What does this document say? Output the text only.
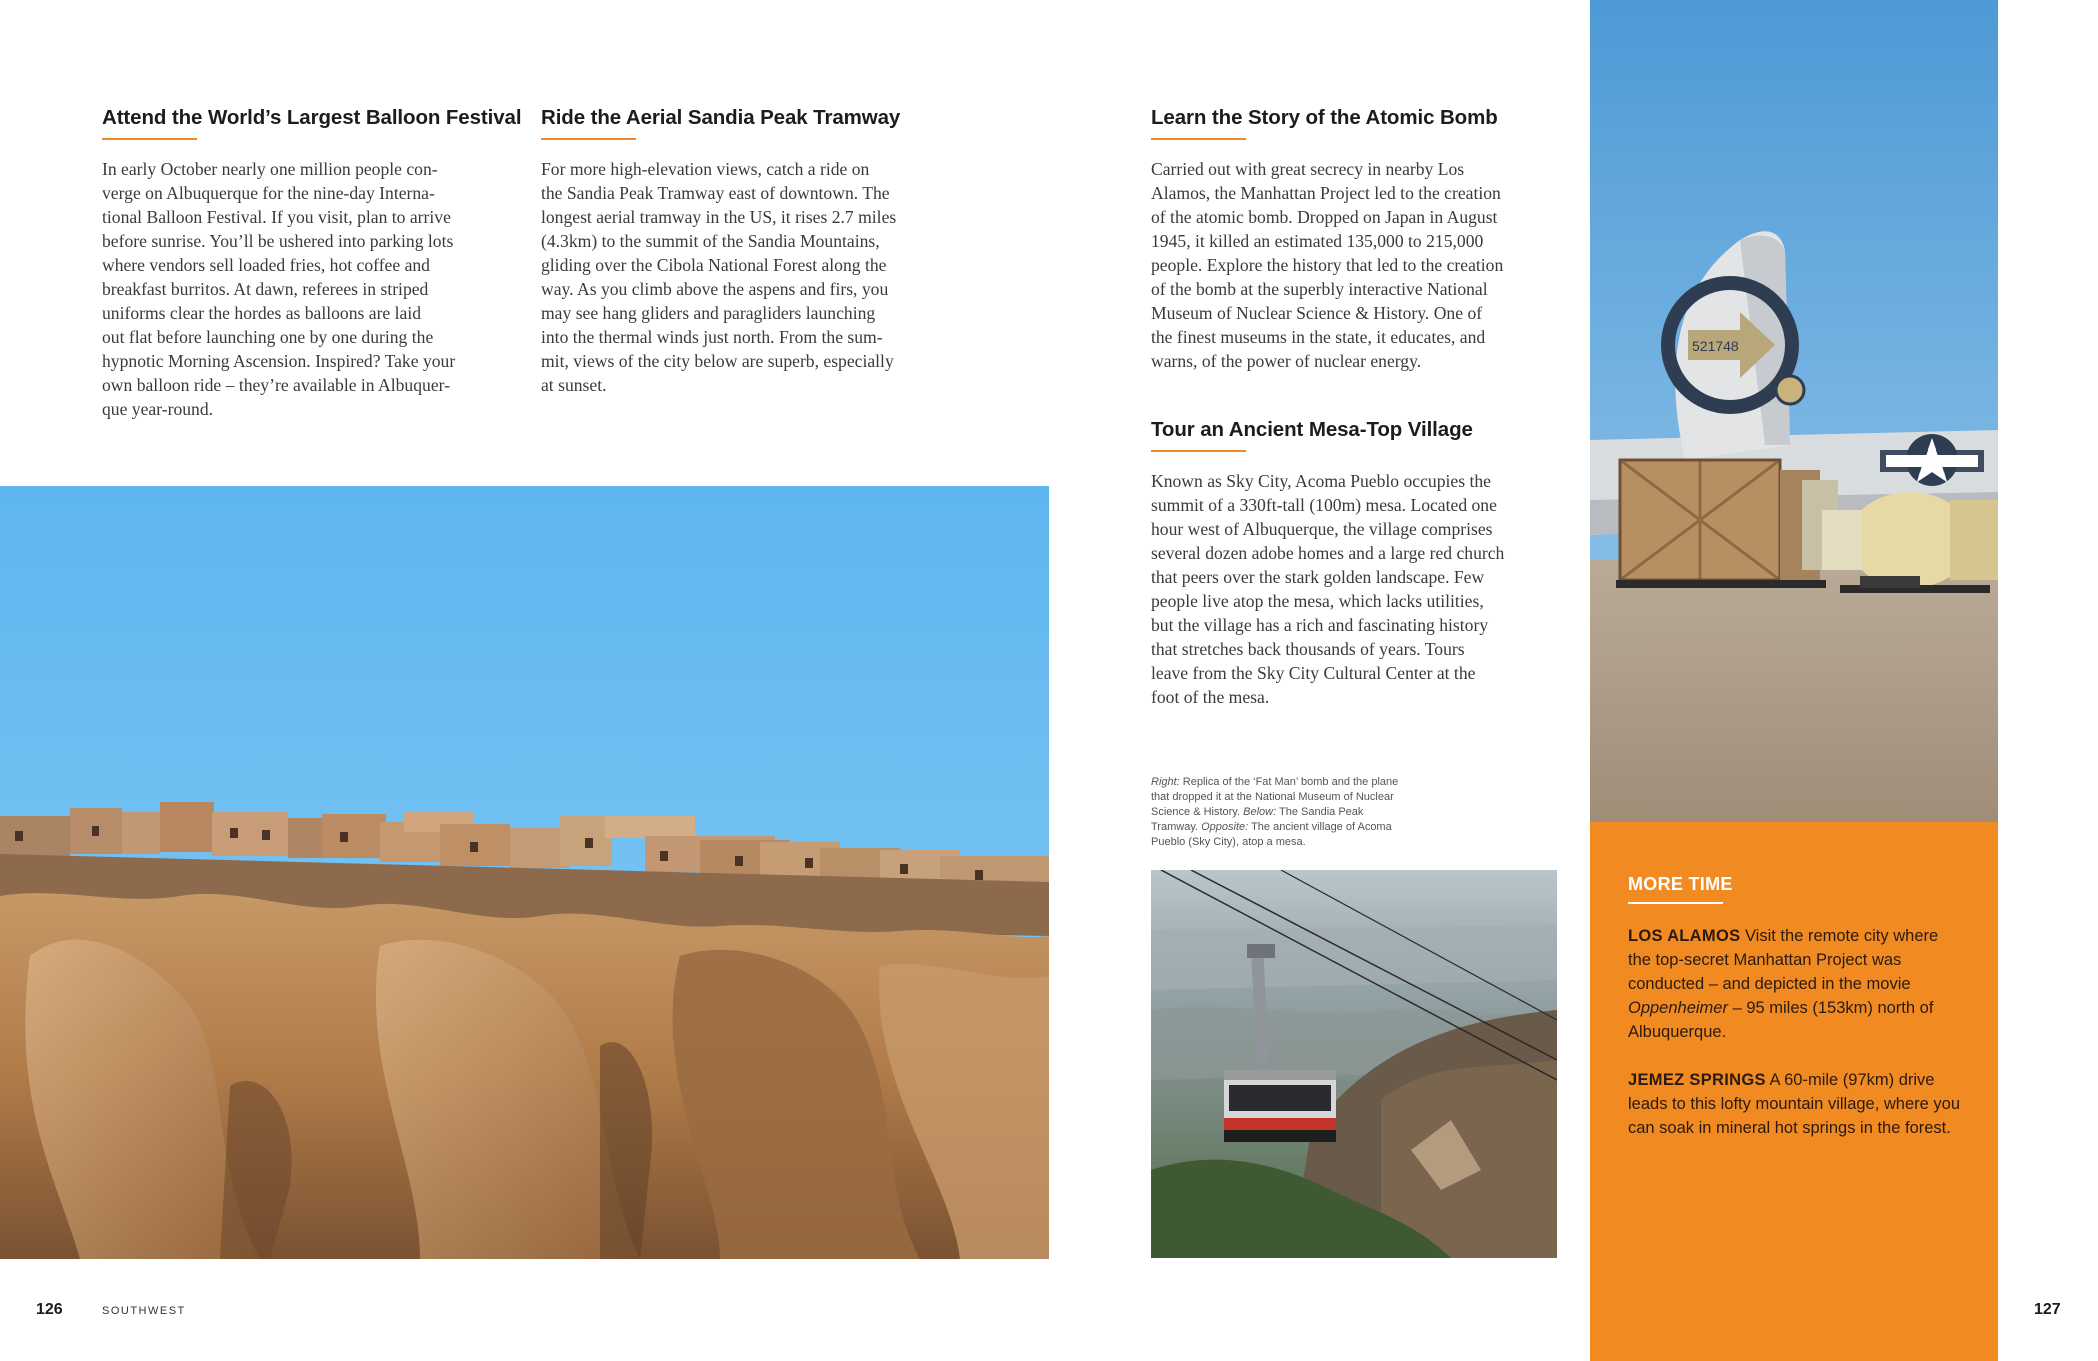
Attend the World’s Largest Balloon Festival
In early October nearly one million people con-
verge on Albuquerque for the nine-day Interna-
tional Balloon Festival. If you visit, plan to arrive
before sunrise. You’ll be ushered into parking lots
where vendors sell loaded fries, hot coffee and
breakfast burritos. At dawn, referees in striped
uniforms clear the hordes as balloons are laid
out flat before launching one by one during the
hypnotic Morning Ascension. Inspired? Take your
own balloon ride – they’re available in Albuquer-
que year-round.
Ride the Aerial Sandia Peak Tramway
For more high-elevation views, catch a ride on
the Sandia Peak Tramway east of downtown. The
longest aerial tramway in the US, it rises 2.7 miles
(4.3km) to the summit of the Sandia Mountains,
gliding over the Cibola National Forest along the
way. As you climb above the aspens and firs, you
may see hang gliders and paragliders launching
into the thermal winds just north. From the sum-
mit, views of the city below are superb, especially
at sunset.
Learn the Story of the Atomic Bomb
Carried out with great secrecy in nearby Los
Alamos, the Manhattan Project led to the creation
of the atomic bomb. Dropped on Japan in August
1945, it killed an estimated 135,000 to 215,000
people. Explore the history that led to the creation
of the bomb at the superbly interactive National
Museum of Nuclear Science & History. One of
the finest museums in the state, it educates, and
warns, of the power of nuclear energy.
Tour an Ancient Mesa-Top Village
Known as Sky City, Acoma Pueblo occupies the
summit of a 330ft-tall (100m) mesa. Located one
hour west of Albuquerque, the village comprises
several dozen adobe homes and a large red church
that peers over the stark golden landscape. Few
people live atop the mesa, which lacks utilities,
but the village has a rich and fascinating history
that stretches back thousands of years. Tours
leave from the Sky City Cultural Center at the
foot of the mesa.
Right: Replica of the ‘Fat Man’ bomb and the plane that dropped it at the National Museum of Nuclear Science & History. Below: The Sandia Peak Tramway. Opposite: The ancient village of Acoma Pueblo (Sky City), atop a mesa.
521748
MORE TIME

LOS ALAMOS Visit the remote city where the top-secret Manhattan Project was conducted – and depicted in the movie Oppenheimer – 95 miles (153km) north of Albuquerque.

JEMEZ SPRINGS A 60-mile (97km) drive leads to this lofty mountain village, where you can soak in mineral hot springs in the forest.

126	SOUTHWEST	127
